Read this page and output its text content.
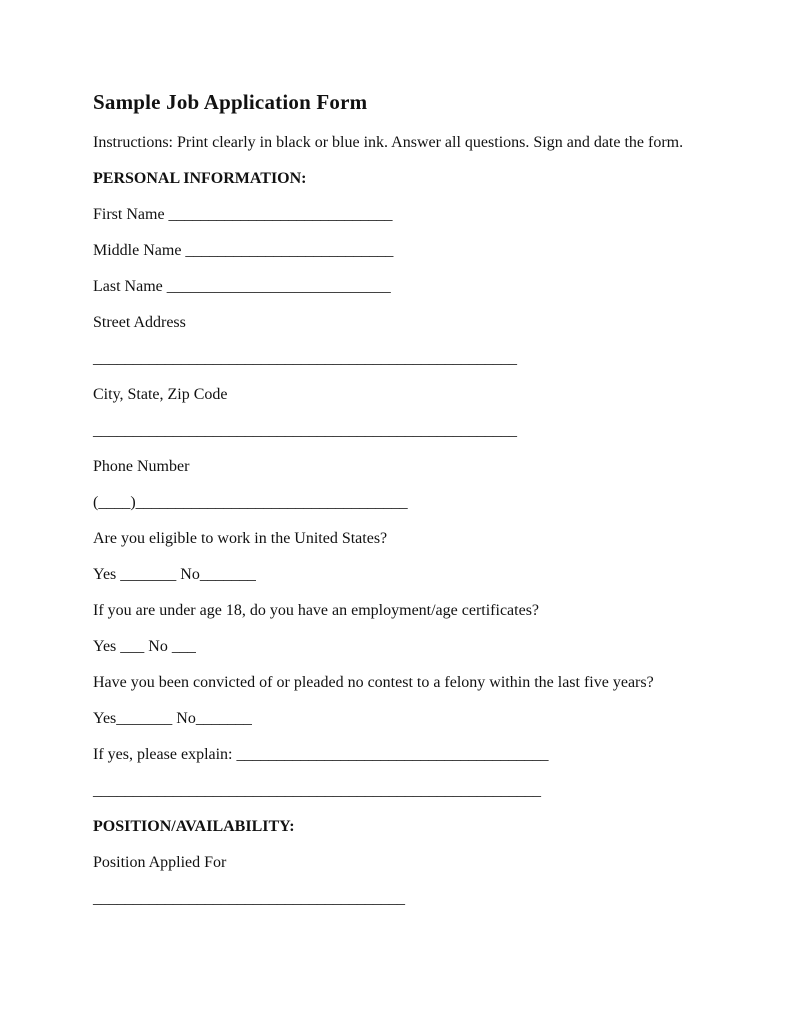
Sample Job Application Form

Instructions: Print clearly in black or blue ink. Answer all questions. Sign and date the form.

PERSONAL INFORMATION:

First Name ____________________________

Middle Name __________________________

Last Name ____________________________

Street Address

_____________________________________________________

City, State, Zip Code

_____________________________________________________

Phone Number

(____)__________________________________

Are you eligible to work in the United States?

Yes _______ No_______

If you are under age 18, do you have an employment/age certificates?

Yes ___ No ___

Have you been convicted of or pleaded no contest to a felony within the last five years?

Yes_______ No_______

If yes, please explain: _______________________________________

________________________________________________________

POSITION/AVAILABILITY:

Position Applied For

_______________________________________
